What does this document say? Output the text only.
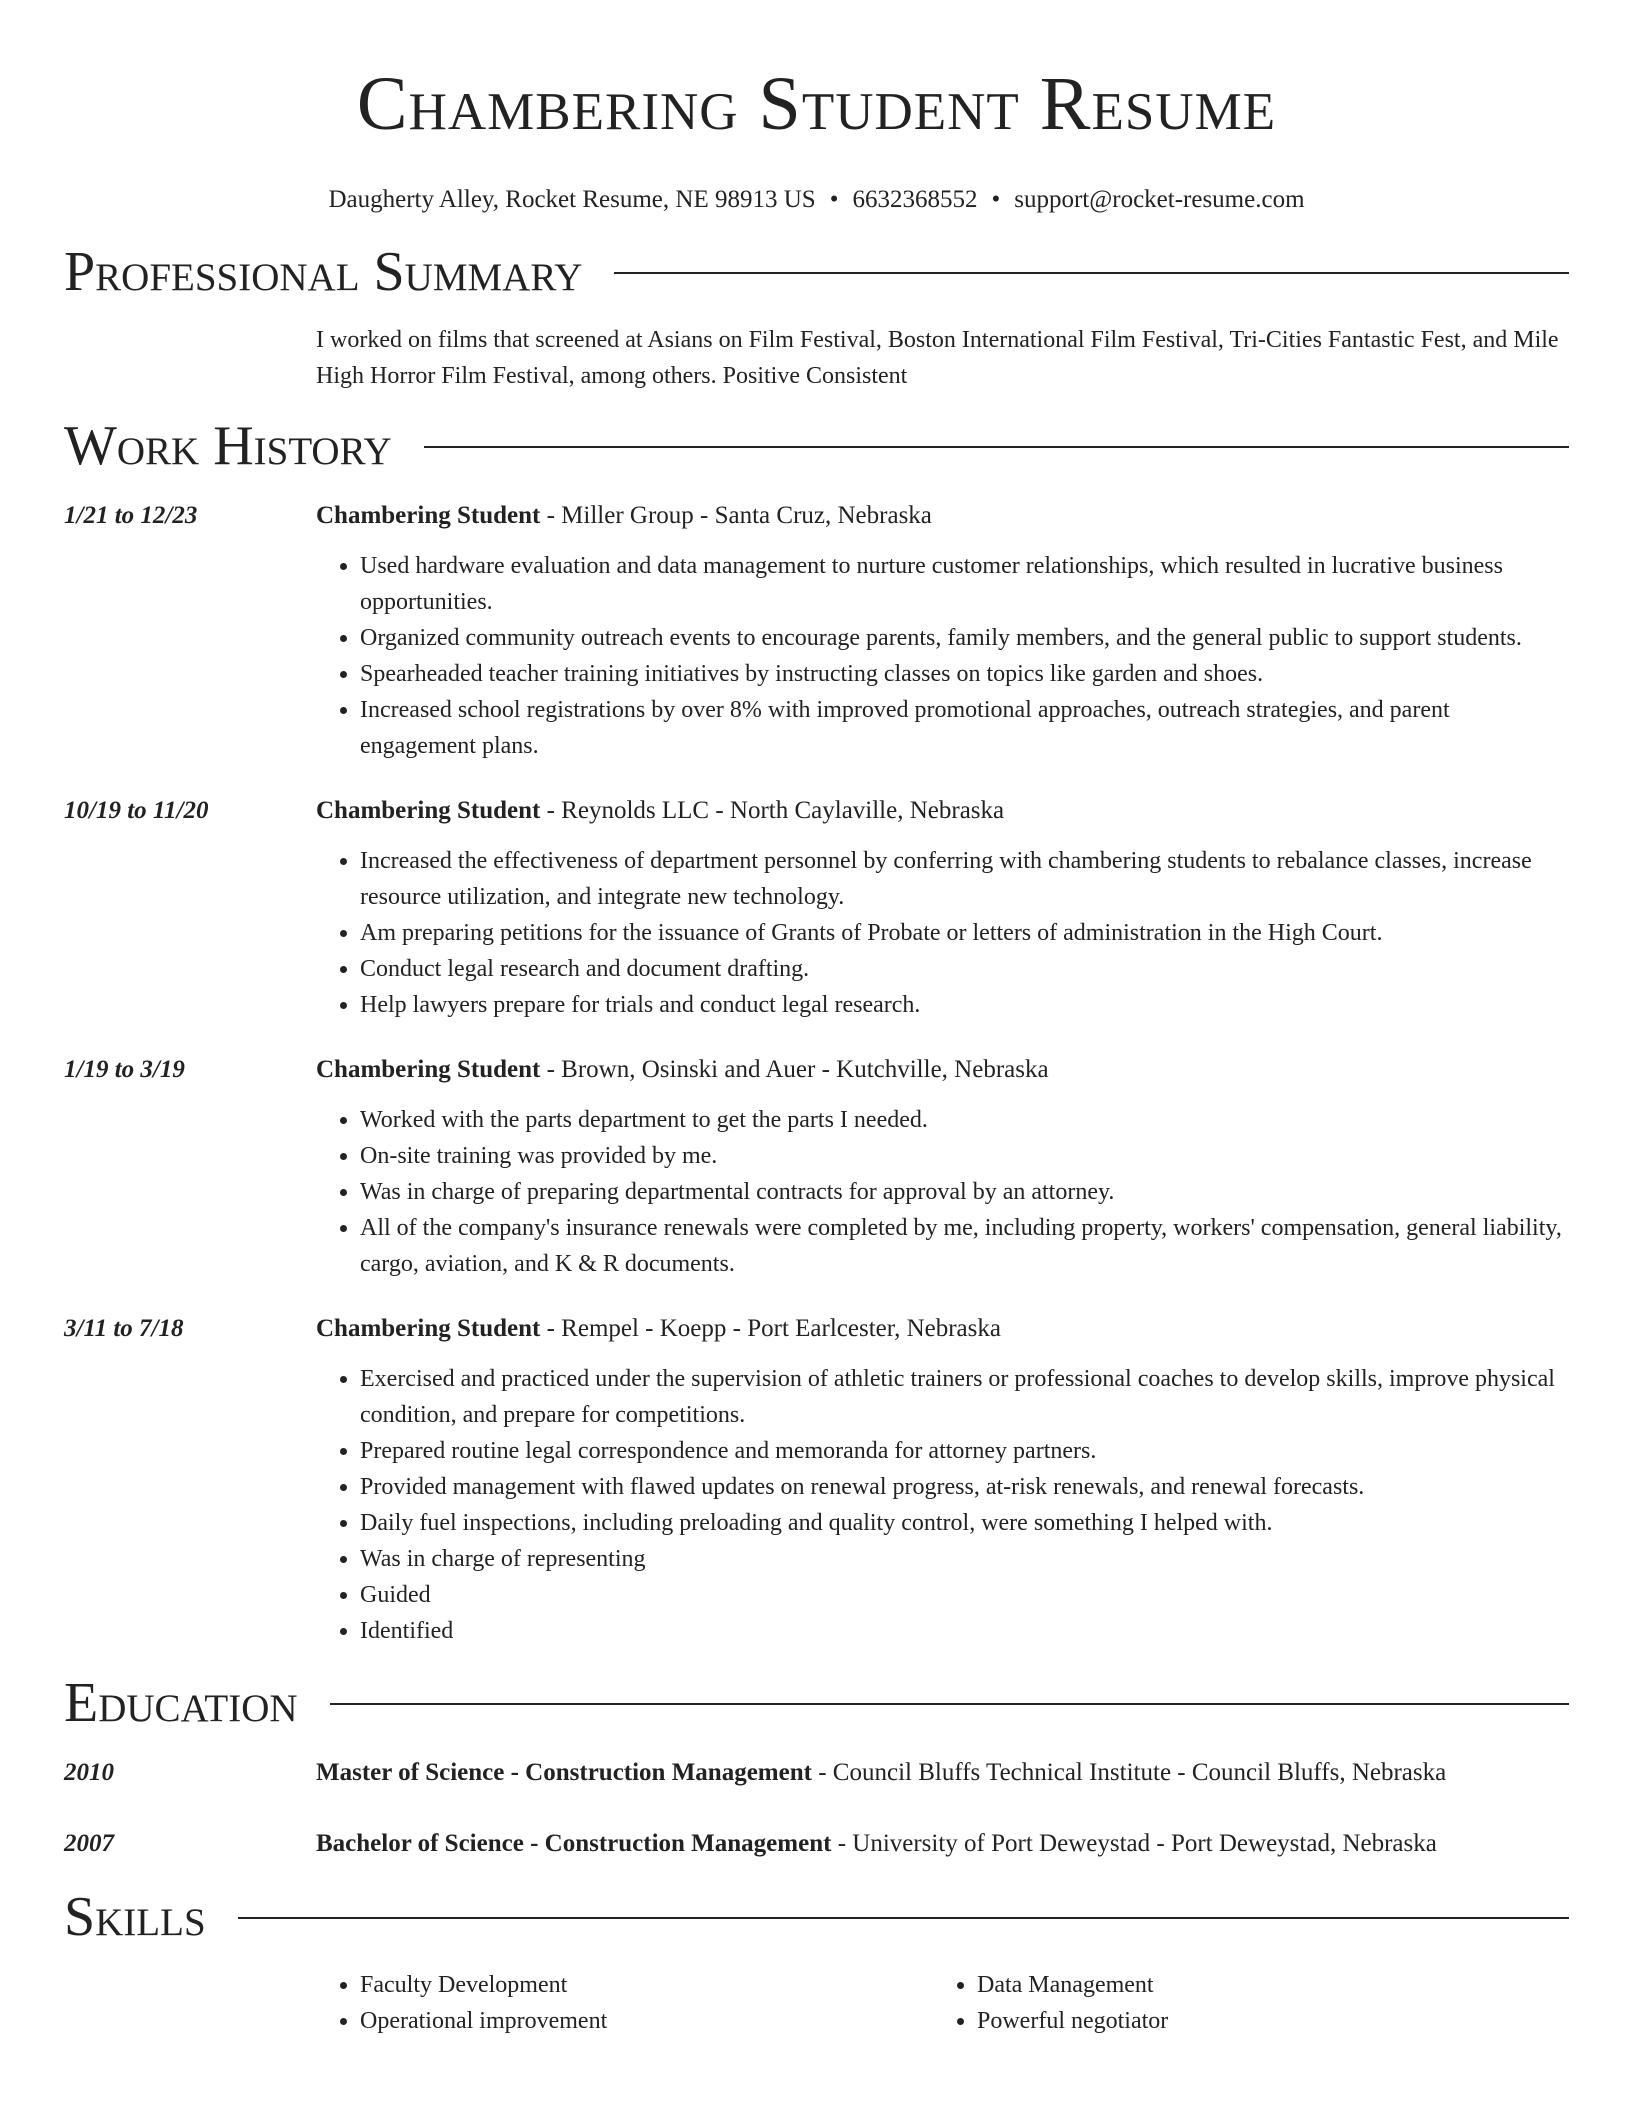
Chambering Student Resume
Daugherty Alley, Rocket Resume, NE 98913 US • 6632368552 • support@rocket-resume.com
Professional Summary
I worked on films that screened at Asians on Film Festival, Boston International Film Festival, Tri-Cities Fantastic Fest, and Mile High Horror Film Festival, among others. Positive Consistent
Work History
1/21 to 12/23	Chambering Student - Miller Group - Santa Cruz, Nebraska
• Used hardware evaluation and data management to nurture customer relationships, which resulted in lucrative business opportunities.
• Organized community outreach events to encourage parents, family members, and the general public to support students.
• Spearheaded teacher training initiatives by instructing classes on topics like garden and shoes.
• Increased school registrations by over 8% with improved promotional approaches, outreach strategies, and parent engagement plans.
10/19 to 11/20	Chambering Student - Reynolds LLC - North Caylaville, Nebraska
• Increased the effectiveness of department personnel by conferring with chambering students to rebalance classes, increase resource utilization, and integrate new technology.
• Am preparing petitions for the issuance of Grants of Probate or letters of administration in the High Court.
• Conduct legal research and document drafting.
• Help lawyers prepare for trials and conduct legal research.
1/19 to 3/19	Chambering Student - Brown, Osinski and Auer - Kutchville, Nebraska
• Worked with the parts department to get the parts I needed.
• On-site training was provided by me.
• Was in charge of preparing departmental contracts for approval by an attorney.
• All of the company's insurance renewals were completed by me, including property, workers' compensation, general liability, cargo, aviation, and K & R documents.
3/11 to 7/18	Chambering Student - Rempel - Koepp - Port Earlcester, Nebraska
• Exercised and practiced under the supervision of athletic trainers or professional coaches to develop skills, improve physical condition, and prepare for competitions.
• Prepared routine legal correspondence and memoranda for attorney partners.
• Provided management with flawed updates on renewal progress, at-risk renewals, and renewal forecasts.
• Daily fuel inspections, including preloading and quality control, were something I helped with.
• Was in charge of representing
• Guided
• Identified
Education
2010	Master of Science - Construction Management - Council Bluffs Technical Institute - Council Bluffs, Nebraska
2007	Bachelor of Science - Construction Management - University of Port Deweystad - Port Deweystad, Nebraska
Skills
• Faculty Development
• Operational improvement
• Data Management
• Powerful negotiator
